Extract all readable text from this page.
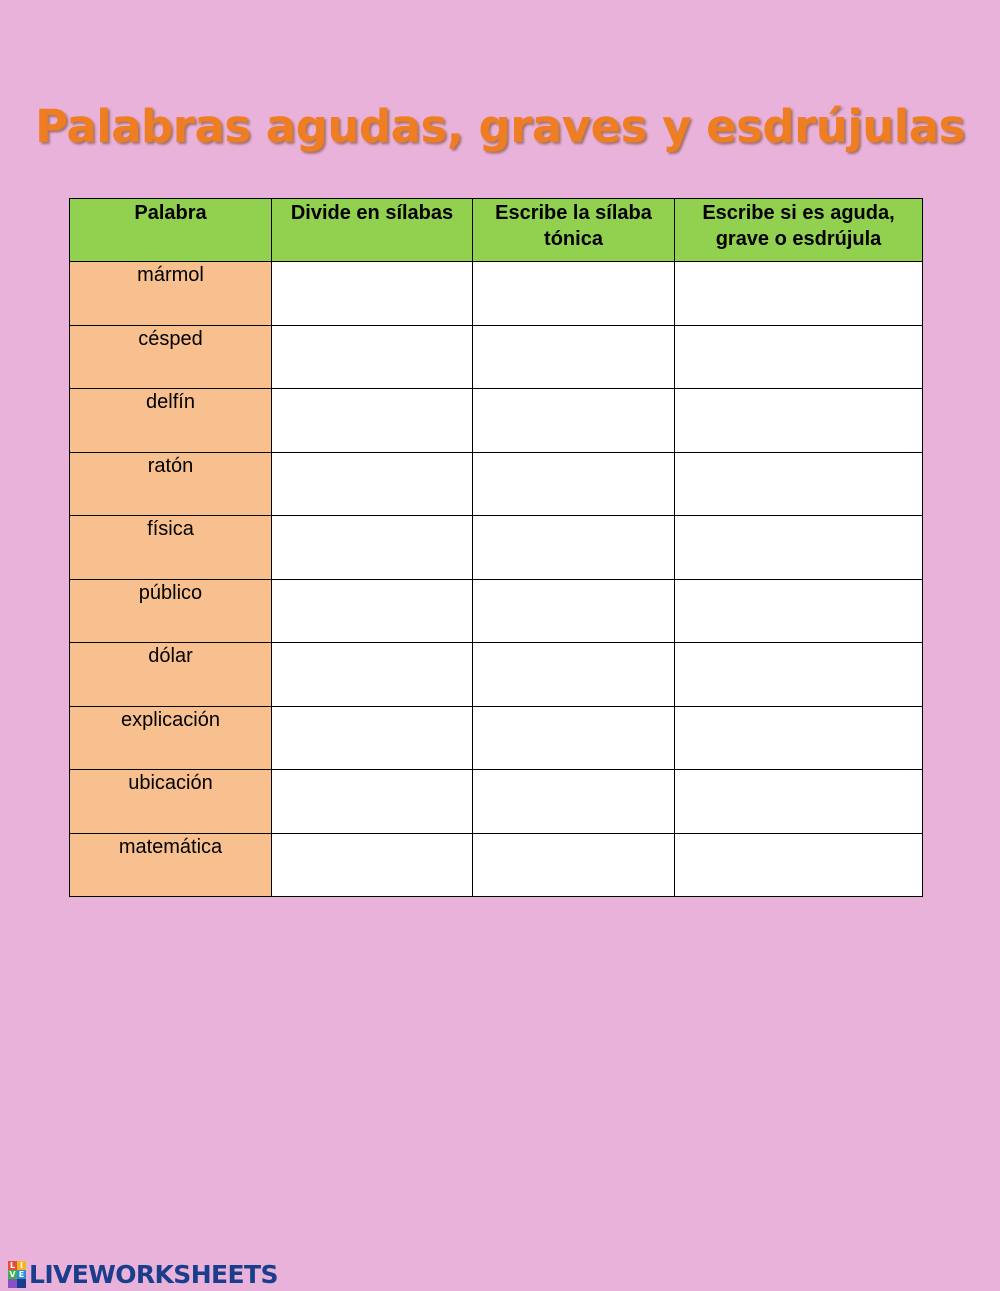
Palabras agudas, graves y esdrújulas
Palabra	Divide en sílabas	Escribe la sílaba tónica	Escribe si es aguda, grave o esdrújula
mármol			
césped			
delfín			
ratón			
física			
público			
dólar			
explicación			
ubicación			
matemática			
L I
V E LIVEWORKSHEETS
